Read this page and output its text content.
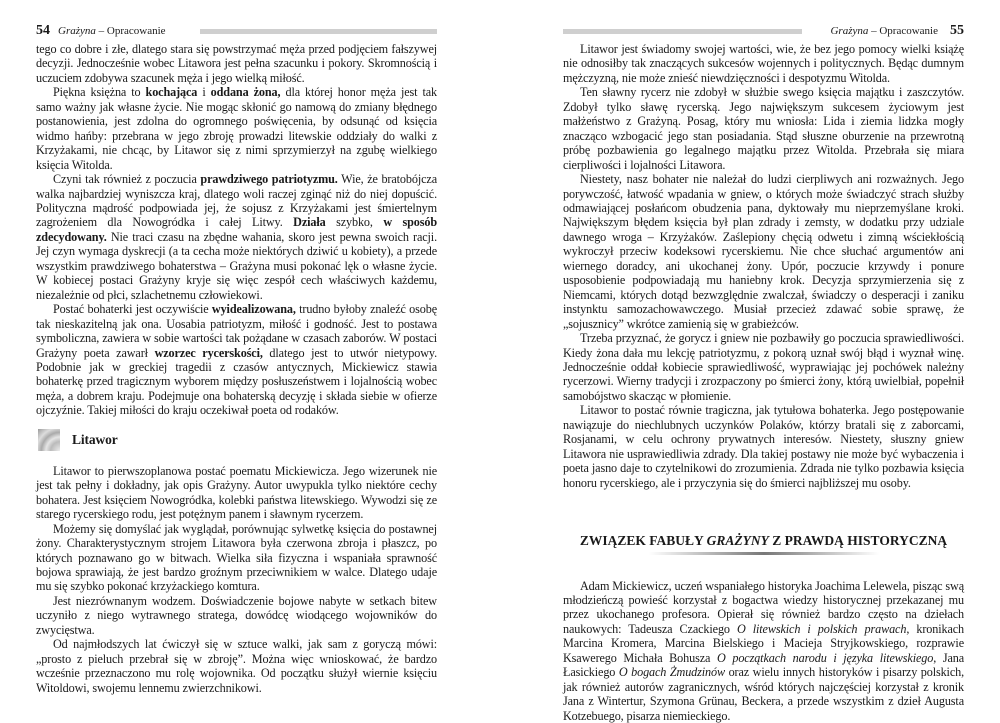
54 Grażyna – Opracowanie

tego co dobre i złe, dlatego stara się powstrzymać męża przed podjęciem fałszywej decyzji. Jednocześnie wobec Litawora jest pełna szacunku i pokory. Skromnością i uczuciem zdobywa szacunek męża i jego wielką miłość.

Piękna księżna to kochająca i oddana żona, dla której honor męża jest tak samo ważny jak własne życie. Nie mogąc skłonić go namową do zmiany błędnego postanowienia, jest zdolna do ogromnego poświęcenia, by odsunąć od księcia widmo hańby: przebrana w jego zbroję prowadzi litewskie oddziały do walki z Krzyżakami, nie chcąc, by Litawor się z nimi sprzymierzył na zgubę wielkiego księcia Witolda.

Czyni tak również z poczucia prawdziwego patriotyzmu. Wie, że bratobójcza walka najbardziej wyniszcza kraj, dlatego woli raczej zginąć niż do niej dopuścić. Polityczna mądrość podpowiada jej, że sojusz z Krzyżakami jest śmiertelnym zagrożeniem dla Nowogródka i całej Litwy. Działa szybko, w sposób zdecydowany. Nie traci czasu na zbędne wahania, skoro jest pewna swoich racji. Jej czyn wymaga dyskrecji (a ta cecha może niektórych dziwić u kobiety), a przede wszystkim prawdziwego bohaterstwa – Grażyna musi pokonać lęk o własne życie. W kobiecej postaci Grażyny kryje się więc zespół cech właściwych każdemu, niezależnie od płci, szlachetnemu człowiekowi.

Postać bohaterki jest oczywiście wyidealizowana, trudno byłoby znaleźć osobę tak nieskazitelną jak ona. Uosabia patriotyzm, miłość i godność. Jest to postawa symboliczna, zawiera w sobie wartości tak pożądane w czasach zaborów. W postaci Grażyny poeta zawarł wzorzec rycerskości, dlatego jest to utwór nietypowy. Podobnie jak w greckiej tragedii z czasów antycznych, Mickiewicz stawia bohaterkę przed tragicznym wyborem między posłuszeństwem i lojalnością wobec męża, a dobrem kraju. Podejmuje ona bohaterską decyzję i składa siebie w ofierze ojczyźnie. Takiej miłości do kraju oczekiwał poeta od rodaków.

Litawor

Litawor to pierwszoplanowa postać poematu Mickiewicza. Jego wizerunek nie jest tak pełny i dokładny, jak opis Grażyny. Autor uwypukla tylko niektóre cechy bohatera. Jest księciem Nowogródka, kolebki państwa litewskiego. Wywodzi się ze starego rycerskiego rodu, jest potężnym panem i sławnym rycerzem.

Możemy się domyślać jak wyglądał, porównując sylwetkę księcia do postawnej żony. Charakterystycznym strojem Litawora była czerwona zbroja i płaszcz, po których poznawano go w bitwach. Wielka siła fizyczna i wspaniała sprawność bojowa sprawiają, że jest bardzo groźnym przeciwnikiem w walce. Dlatego udaje mu się szybko pokonać krzyżackiego komtura.

Jest niezrównanym wodzem. Doświadczenie bojowe nabyte w setkach bitew uczyniło z niego wytrawnego stratega, dowódcę wiodącego wojowników do zwycięstwa.

Od najmłodszych lat ćwiczył się w sztuce walki, jak sam z goryczą mówi: „prosto z pieluch przebrał się w zbroję”. Można więc wnioskować, że bardzo wcześnie przeznaczono mu rolę wojownika. Od początku służył wiernie księciu Witoldowi, swojemu lennemu zwierzchnikowi.

Grażyna – Opracowanie 55

Litawor jest świadomy swojej wartości, wie, że bez jego pomocy wielki książę nie odnosiłby tak znaczących sukcesów wojennych i politycznych. Będąc dumnym mężczyzną, nie może znieść niewdzięczności i despotyzmu Witolda.

Ten sławny rycerz nie zdobył w służbie swego księcia majątku i zaszczytów. Zdobył tylko sławę rycerską. Jego największym sukcesem życiowym jest małżeństwo z Grażyną. Posag, który mu wniosła: Lida i ziemia lidzka mogły znacząco wzbogacić jego stan posiadania. Stąd słuszne oburzenie na przewrotną próbę pozbawienia go legalnego majątku przez Witolda. Przebrała się miara cierpliwości i lojalności Litawora.

Niestety, nasz bohater nie należał do ludzi cierpliwych ani rozważnych. Jego porywczość, łatwość wpadania w gniew, o których może świadczyć strach służby odmawiającej posłańcom obudzenia pana, dyktowały mu nieprzemyślane kroki. Największym błędem księcia był plan zdrady i zemsty, w dodatku przy udziale dawnego wroga – Krzyżaków. Zaślepiony chęcią odwetu i zimną wściekłością wykroczył przeciw kodeksowi rycerskiemu. Nie chce słuchać argumentów ani wiernego doradcy, ani ukochanej żony. Upór, poczucie krzywdy i ponure usposobienie podpowiadają mu haniebny krok. Decyzja sprzymierzenia się z Niemcami, których dotąd bezwzględnie zwalczał, świadczy o desperacji i zaniku instynktu samozachowawczego. Musiał przecież zdawać sobie sprawę, że „sojusznicy” wkrótce zamienią się w grabieżców.

Trzeba przyznać, że gorycz i gniew nie pozbawiły go poczucia sprawiedliwości. Kiedy żona dała mu lekcję patriotyzmu, z pokorą uznał swój błąd i wyznał winę. Jednocześnie oddał kobiecie sprawiedliwość, wyprawiając jej pochówek należny rycerzowi. Wierny tradycji i zrozpaczony po śmierci żony, którą uwielbiał, popełnił samobójstwo skacząc w płomienie.

Litawor to postać równie tragiczna, jak tytułowa bohaterka. Jego postępowanie nawiązuje do niechlubnych uczynków Polaków, którzy bratali się z zaborcami, Rosjanami, w celu ochrony prywatnych interesów. Niestety, słuszny gniew Litawora nie usprawiedliwia zdrady. Dla takiej postawy nie może być wybaczenia i poeta jasno daje to czytelnikowi do zrozumienia. Zdrada nie tylko pozbawia księcia honoru rycerskiego, ale i przyczynia się do śmierci najbliższej mu osoby.

ZWIĄZEK FABUŁY GRAŻYNY Z PRAWDĄ HISTORYCZNĄ

Adam Mickiewicz, uczeń wspaniałego historyka Joachima Lelewela, pisząc swą młodzieńczą powieść korzystał z bogactwa wiedzy historycznej przekazanej mu przez ukochanego profesora. Opierał się również bardzo często na dziełach naukowych: Tadeusza Czackiego O litewskich i polskich prawach, kronikach Marcina Kromera, Marcina Bielskiego i Macieja Stryjkowskiego, rozprawie Ksawerego Michała Bohusza O początkach narodu i języka litewskiego, Jana Łasickiego O bogach Żmudzinów oraz wielu innych historyków i pisarzy polskich, jak również autorów zagranicznych, wśród których najczęściej korzystał z kronik Jana z Wintertur, Szymona Grünau, Beckera, a przede wszystkim z dzieł Augusta Kotzebuego, pisarza niemieckiego.
